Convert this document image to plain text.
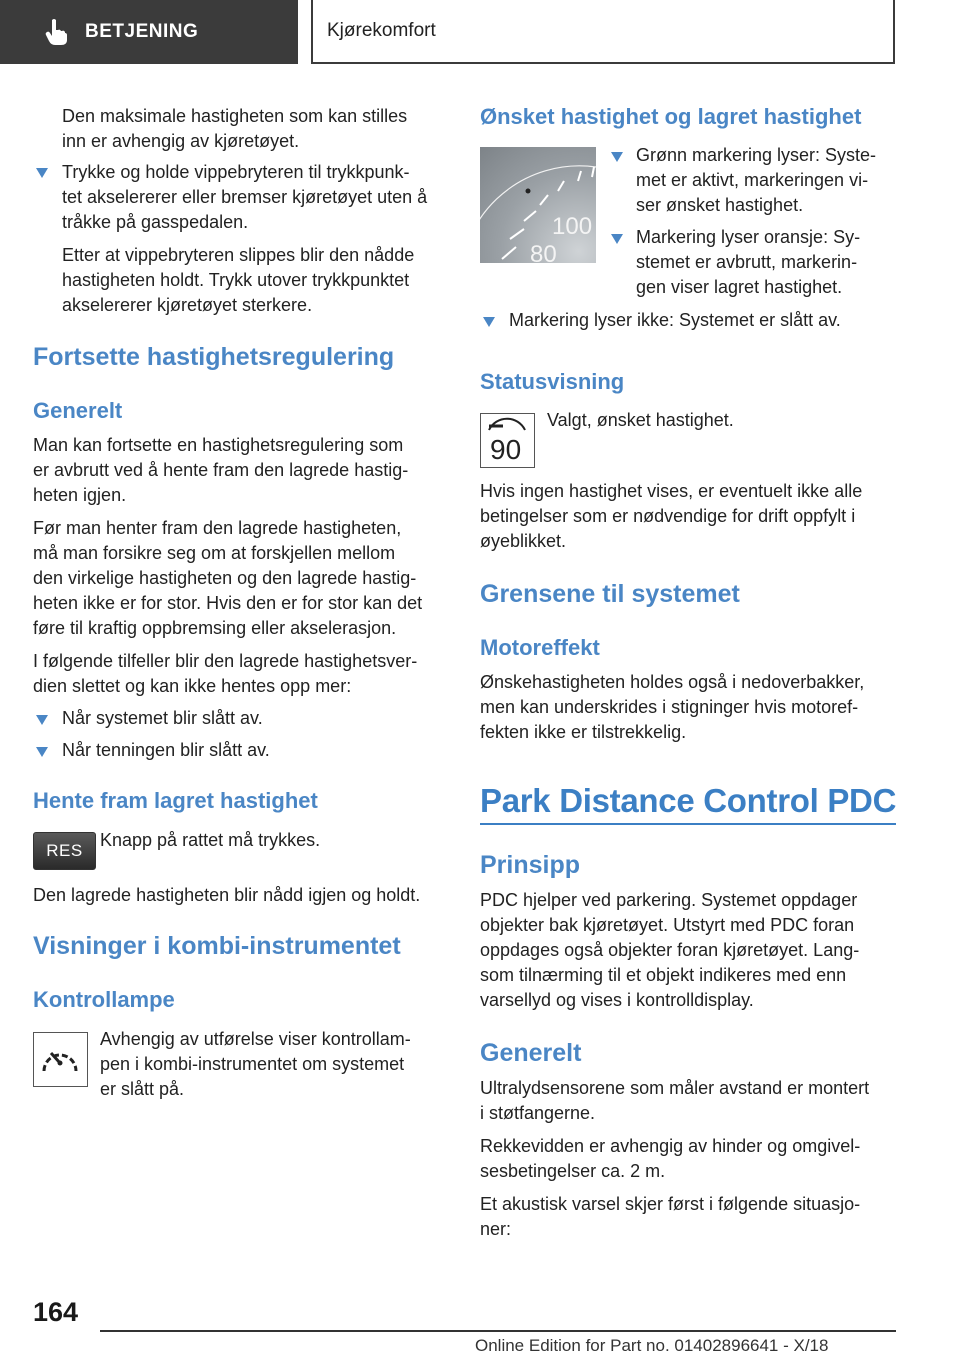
BETJENING	Kjørekomfort
Den maksimale hastigheten som kan stilles
inn er avhengig av kjøretøyet.
Trykke og holde vippebryteren til trykkpunk-
tet akselererer eller bremser kjøretøyet uten å
tråkke på gasspedalen.
Etter at vippebryteren slippes blir den nådde
hastigheten holdt. Trykk utover trykkpunktet
akselererer kjøretøyet sterkere.
Fortsette hastighetsregulering
Generelt
Man kan fortsette en hastighetsregulering som
er avbrutt ved å hente fram den lagrede hastig-
heten igjen.
Før man henter fram den lagrede hastigheten,
må man forsikre seg om at forskjellen mellom
den virkelige hastigheten og den lagrede hastig-
heten ikke er for stor. Hvis den er for stor kan det
føre til kraftig oppbremsing eller akselerasjon.
I følgende tilfeller blir den lagrede hastighetsver-
dien slettet og kan ikke hentes opp mer:
Når systemet blir slått av.
Når tenningen blir slått av.
Hente fram lagret hastighet
RES
Knapp på rattet må trykkes.
Den lagrede hastigheten blir nådd igjen og holdt.
Visninger i kombi-instrumentet
Kontrollampe
Avhengig av utførelse viser kontrollam-
pen i kombi-instrumentet om systemet
er slått på.
Ønsket hastighet og lagret hastighet
100
80
Grønn markering lyser: Syste-
met er aktivt, markeringen vi-
ser ønsket hastighet.
Markering lyser oransje: Sy-
stemet er avbrutt, markerin-
gen viser lagret hastighet.
Markering lyser ikke: Systemet er slått av.
Statusvisning
90
Valgt, ønsket hastighet.
Hvis ingen hastighet vises, er eventuelt ikke alle
betingelser som er nødvendige for drift oppfylt i
øyeblikket.
Grensene til systemet
Motoreffekt
Ønskehastigheten holdes også i nedoverbakker,
men kan underskrides i stigninger hvis motoref-
fekten ikke er tilstrekkelig.
Park Distance Control PDC
Prinsipp
PDC hjelper ved parkering. Systemet oppdager
objekter bak kjøretøyet. Utstyrt med PDC foran
oppdages også objekter foran kjøretøyet. Lang-
som tilnærming til et objekt indikeres med enn
varsellyd og vises i kontrolldisplay.
Generelt
Ultralydsensorene som måler avstand er montert
i støtfangerne.
Rekkevidden er avhengig av hinder og omgivel-
sesbetingelser ca. 2 m.
Et akustisk varsel skjer først i følgende situasjo-
ner:
164
Online Edition for Part no. 01402896641 - X/18
